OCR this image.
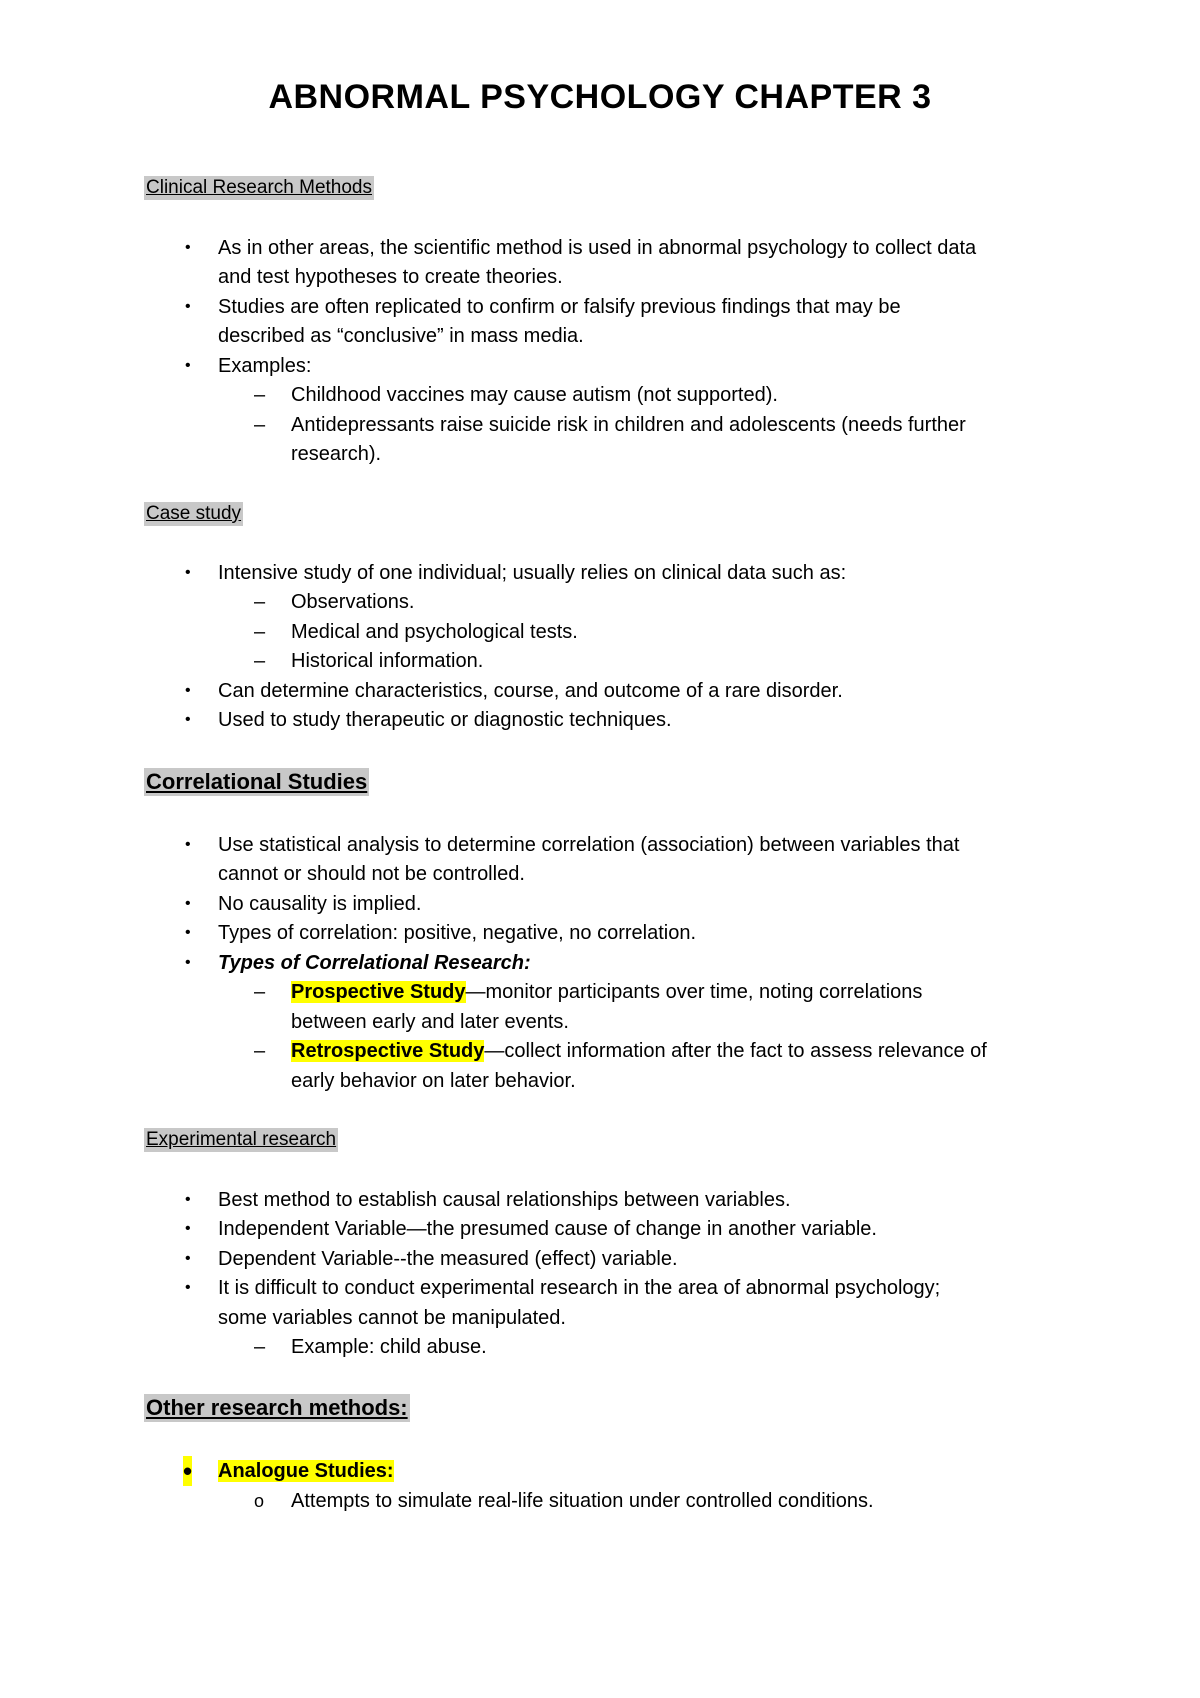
ABNORMAL PSYCHOLOGY CHAPTER 3
Clinical Research Methods
• As in other areas, the scientific method is used in abnormal psychology to collect data
and test hypotheses to create theories.
• Studies are often replicated to confirm or falsify previous findings that may be
described as “conclusive” in mass media.
• Examples:
– Childhood vaccines may cause autism (not supported).
– Antidepressants raise suicide risk in children and adolescents (needs further
research).
Case study
• Intensive study of one individual; usually relies on clinical data such as:
– Observations.
– Medical and psychological tests.
– Historical information.
• Can determine characteristics, course, and outcome of a rare disorder.
• Used to study therapeutic or diagnostic techniques.
Correlational Studies
• Use statistical analysis to determine correlation (association) between variables that
cannot or should not be controlled.
• No causality is implied.
• Types of correlation: positive, negative, no correlation.
• Types of Correlational Research:
– Prospective Study—monitor participants over time, noting correlations
between early and later events.
– Retrospective Study—collect information after the fact to assess relevance of
early behavior on later behavior.
Experimental research
• Best method to establish causal relationships between variables.
• Independent Variable—the presumed cause of change in another variable.
• Dependent Variable--the measured (effect) variable.
• It is difficult to conduct experimental research in the area of abnormal psychology;
some variables cannot be manipulated.
– Example: child abuse.
Other research methods:
• Analogue Studies:
o Attempts to simulate real-life situation under controlled conditions.
